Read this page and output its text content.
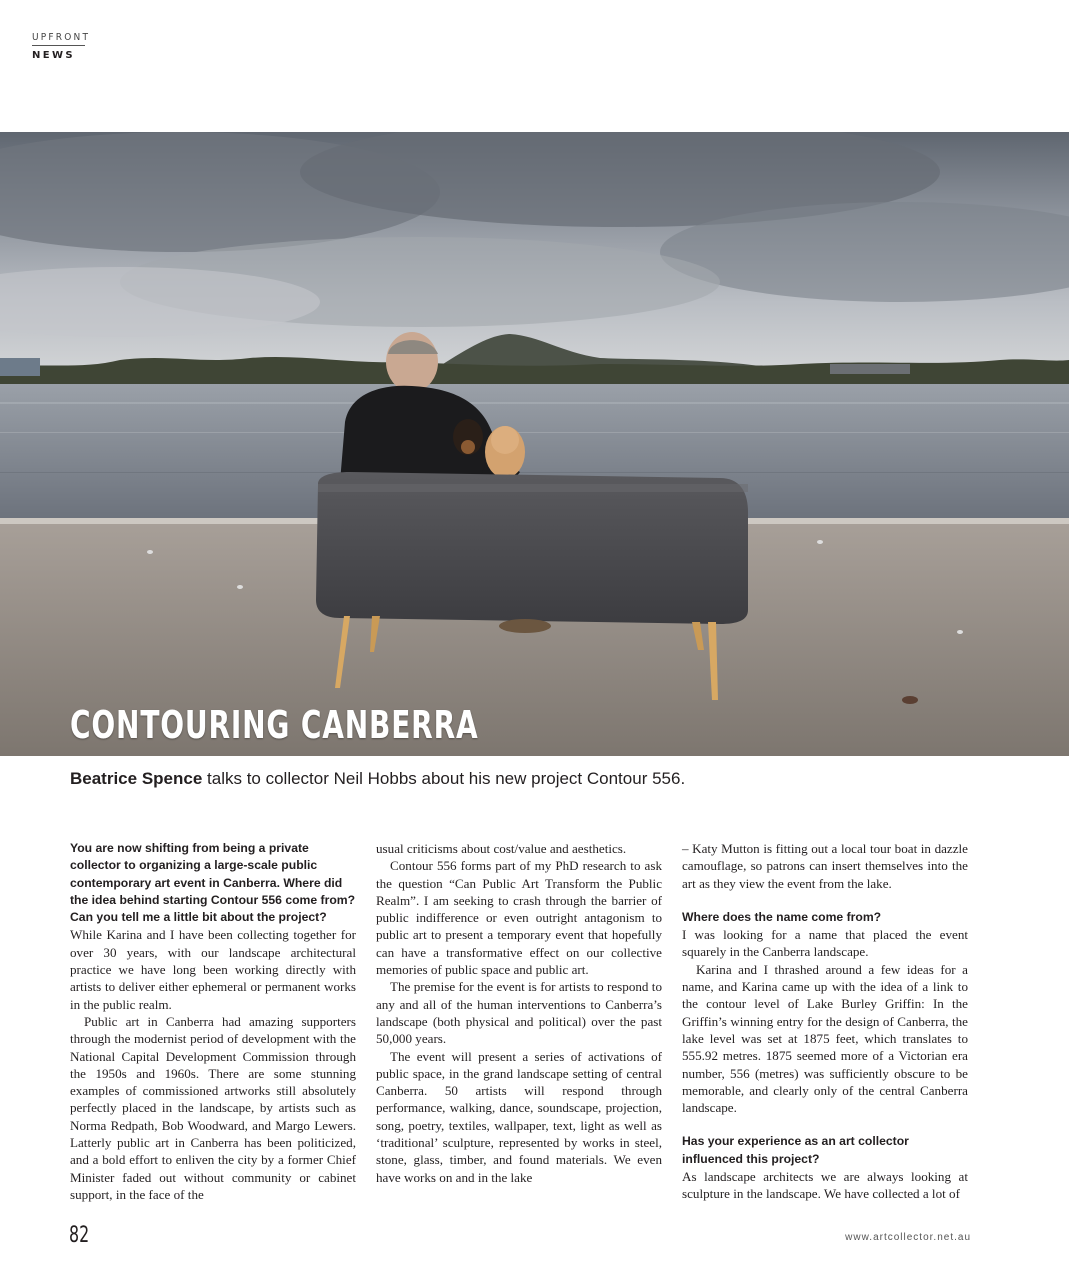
UPFRONT
NEWS
CONTOURING CANBERRA
Beatrice Spence talks to collector Neil Hobbs about his new project Contour 556.

You are now shifting from being a private collector to organizing a large-scale public contemporary art event in Canberra. Where did the idea behind starting Contour 556 come from? Can you tell me a little bit about the project?

While Karina and I have been collecting together for over 30 years, with our landscape architectural practice we have long been working directly with artists to deliver either ephemeral or permanent works in the public realm.

Public art in Canberra had amazing supporters through the modernist period of development with the National Capital Development Commission through the 1950s and 1960s. There are some stunning examples of commissioned artworks still absolutely perfectly placed in the landscape, by artists such as Norma Redpath, Bob Woodward, and Margo Lewers. Latterly public art in Canberra has been politicized, and a bold effort to enliven the city by a former Chief Minister faded out without community or cabinet support, in the face of the

usual criticisms about cost/value and aesthetics.

Contour 556 forms part of my PhD research to ask the question “Can Public Art Transform the Public Realm”. I am seeking to crash through the barrier of public indifference or even outright antagonism to public art to present a temporary event that hopefully can have a transformative effect on our collective memories of public space and public art.

The premise for the event is for artists to respond to any and all of the human interventions to Canberra’s landscape (both physical and political) over the past 50,000 years.

The event will present a series of activations of public space, in the grand landscape setting of central Canberra. 50 artists will respond through performance, walking, dance, soundscape, projection, song, poetry, textiles, wallpaper, text, light as well as ‘traditional’ sculpture, represented by works in steel, stone, glass, timber, and found materials. We even have works on and in the lake

– Katy Mutton is fitting out a local tour boat in dazzle camouflage, so patrons can insert themselves into the art as they view the event from the lake.

Where does the name come from?

I was looking for a name that placed the event squarely in the Canberra landscape.

Karina and I thrashed around a few ideas for a name, and Karina came up with the idea of a link to the contour level of Lake Burley Griffin: In the Griffin’s winning entry for the design of Canberra, the lake level was set at 1875 feet, which translates to 555.92 metres. 1875 seemed more of a Victorian era number, 556 (metres) was sufficiently obscure to be memorable, and clearly only of the central Canberra landscape.

Has your experience as an art collector influenced this project?

As landscape architects we are always looking at sculpture in the landscape. We have collected a lot of

82	www.artcollector.net.au
